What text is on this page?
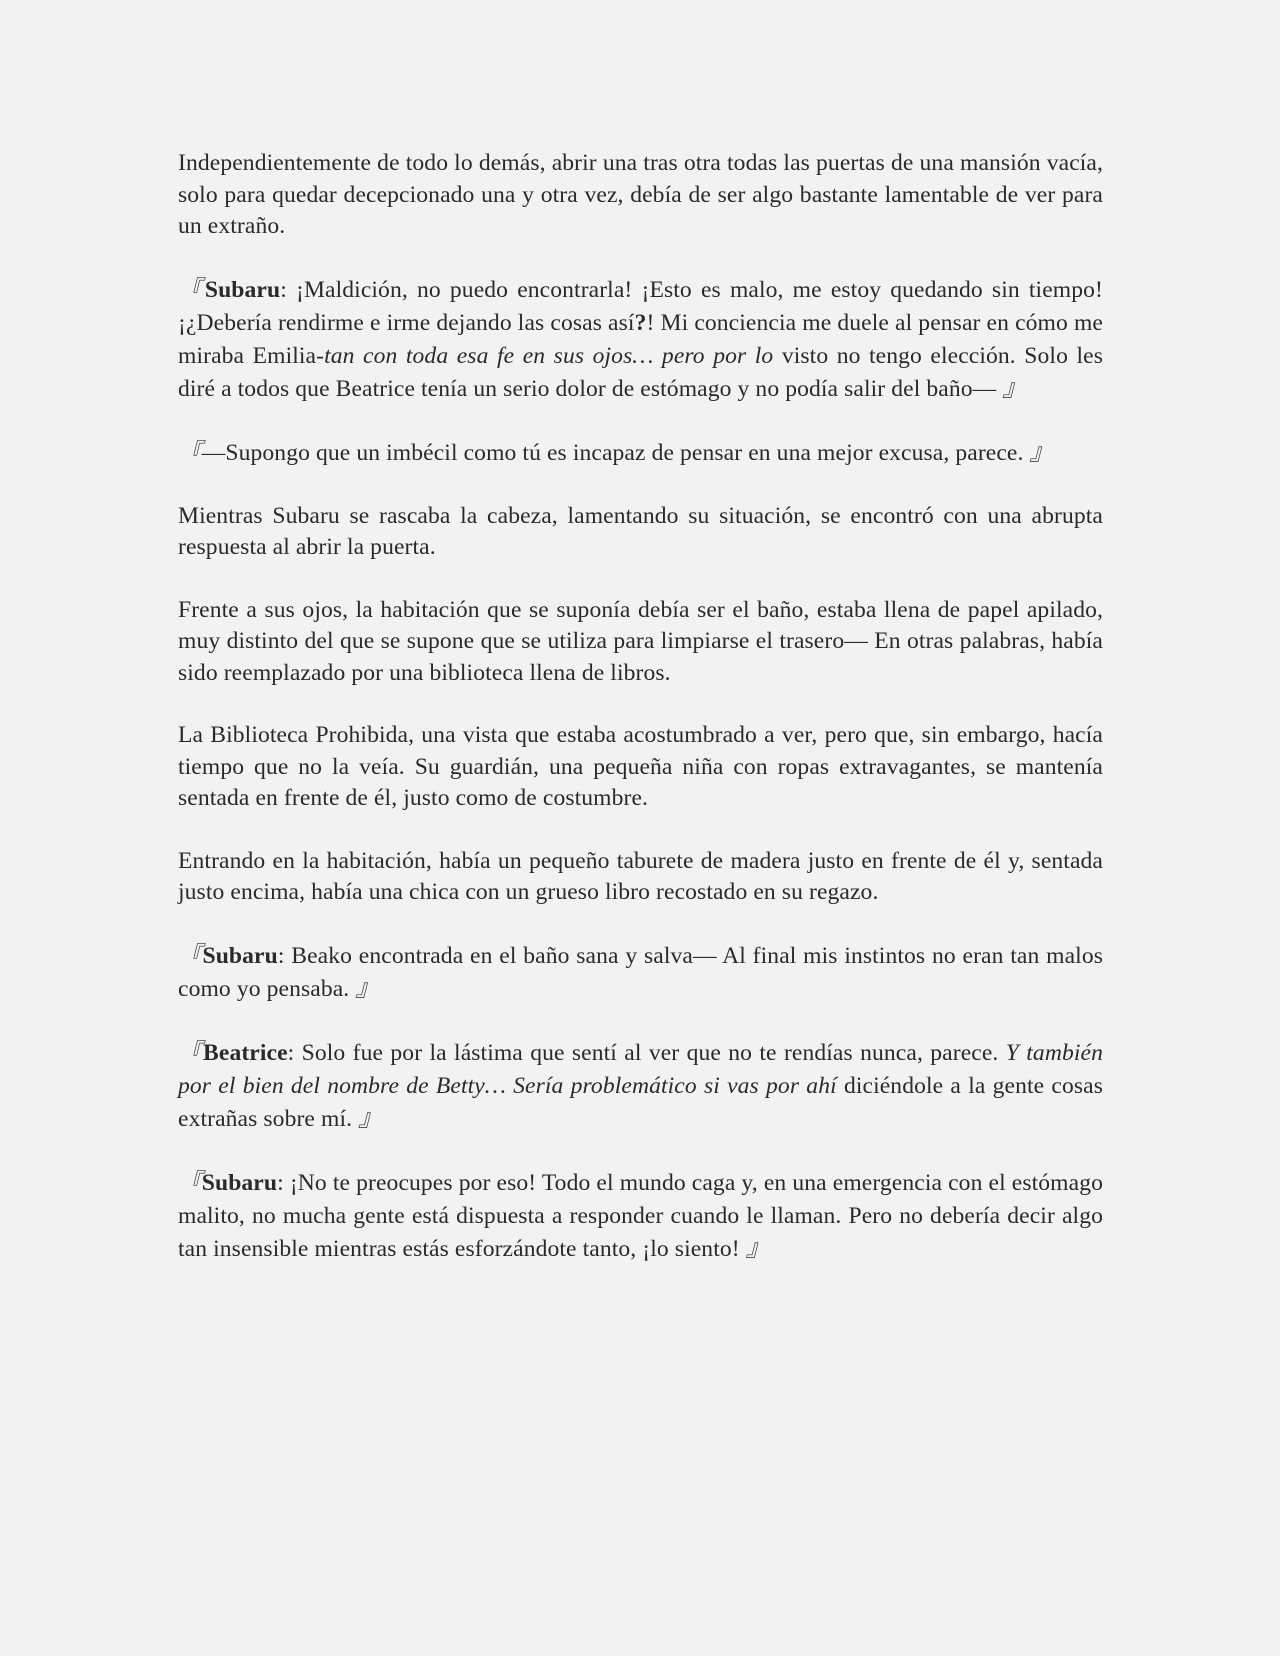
Independientemente de todo lo demás, abrir una tras otra todas las puertas de una mansión vacía, solo para quedar decepcionado una y otra vez, debía de ser algo bastante lamentable de ver para un extraño.

『Subaru: ¡Maldición, no puedo encontrarla! ¡Esto es malo, me estoy quedando sin tiempo! ¡¿Debería rendirme e irme dejando las cosas así?! Mi conciencia me duele al pensar en cómo me miraba Emilia-tan con toda esa fe en sus ojos… pero por lo visto no tengo elección. Solo les diré a todos que Beatrice tenía un serio dolor de estómago y no podía salir del baño— 』

『—Supongo que un imbécil como tú es incapaz de pensar en una mejor excusa, parece. 』

Mientras Subaru se rascaba la cabeza, lamentando su situación, se encontró con una abrupta respuesta al abrir la puerta.

Frente a sus ojos, la habitación que se suponía debía ser el baño, estaba llena de papel apilado, muy distinto del que se supone que se utiliza para limpiarse el trasero— En otras palabras, había sido reemplazado por una biblioteca llena de libros.

La Biblioteca Prohibida, una vista que estaba acostumbrado a ver, pero que, sin embargo, hacía tiempo que no la veía. Su guardián, una pequeña niña con ropas extravagantes, se mantenía sentada en frente de él, justo como de costumbre.

Entrando en la habitación, había un pequeño taburete de madera justo en frente de él y, sentada justo encima, había una chica con un grueso libro recostado en su regazo.

『Subaru: Beako encontrada en el baño sana y salva— Al final mis instintos no eran tan malos como yo pensaba. 』

『Beatrice: Solo fue por la lástima que sentí al ver que no te rendías nunca, parece. Y también por el bien del nombre de Betty… Sería problemático si vas por ahí diciéndole a la gente cosas extrañas sobre mí. 』

『Subaru: ¡No te preocupes por eso! Todo el mundo caga y, en una emergencia con el estómago malito, no mucha gente está dispuesta a responder cuando le llaman. Pero no debería decir algo tan insensible mientras estás esforzándote tanto, ¡lo siento! 』
